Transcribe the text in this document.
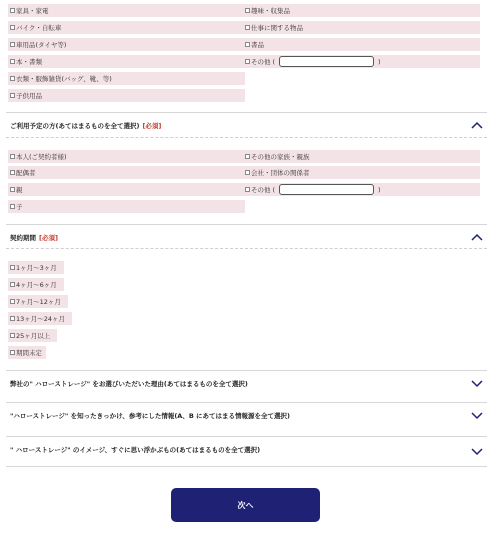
家具・家電	趣味・収集品
バイク・自転車	仕事に関する物品
車用品(タイヤ等)	書品
本・書類	その他 (	)
衣類・服飾雑貨(バッグ、靴、等)
子供用品
ご利用予定の方(あてはまるものを全て選択) [必須]
本人(ご契約者様)	その他の家族・親族
配偶者	会社・団体の関係者
親	その他 (	)
子
契約期間 [必須]
1ヶ月〜3ヶ月
4ヶ月〜6ヶ月
7ヶ月〜12ヶ月
13ヶ月〜24ヶ月
25ヶ月以上
期間未定
弊社の" ハローストレージ" をお選びいただいた理由(あてはまるものを全て選択)
"ハローストレージ" を知ったきっかけ、参考にした情報(A、B にあてはまる情報源を全て選択)
" ハローストレージ" のイメージ、すぐに思い浮かぶもの(あてはまるものを全て選択)
次へ
